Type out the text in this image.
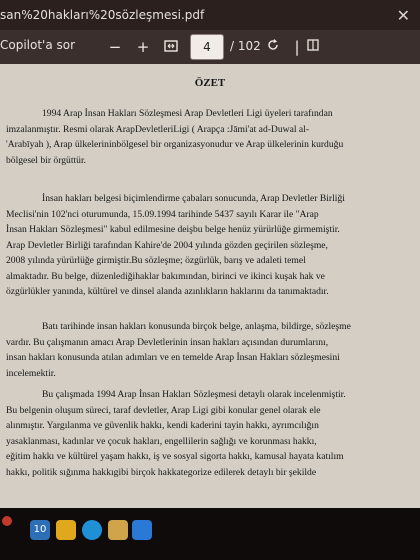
san%20hakları%20sözleşmesi.pdf	✕
Copilot'a sor	−	+	4	/ 102	|
ÖZET
1994 Arap İnsan Hakları Sözleşmesi Arap Devletleri Ligi üyeleri tarafından
imzalanmıştır. Resmi olarak ArapDevletleriLigi ( Arapça :Jāmi'at ad-Duwal al-
'Arabīyah ), Arap ülkelerininbölgesel bir organizasyonudur ve Arap ülkelerinin kurduğu
bölgesel bir örgüttür.
İnsan hakları belgesi biçimlendirme çabaları sonucunda, Arap Devletler Birliği
Meclisi'nin 102'nci oturumunda, 15.09.1994 tarihinde 5437 sayılı Karar ile "Arap
İnsan Hakları Sözleşmesi" kabul edilmesine deişbu belge henüz yürürlüğe girmemiştir.
Arap Devletler Birliği tarafından Kahire'de 2004 yılında gözden geçirilen sözleşme,
2008 yılında yürürlüğe girmiştir.Bu sözleşme; özgürlük, barış ve adaleti temel
almaktadır. Bu belge, düzenlediğihaklar bakımından, birinci ve ikinci kuşak hak ve
özgürlükler yanında, kültürel ve dinsel alanda azınlıkların haklarını da tanımaktadır.
Batı tarihinde insan hakları konusunda birçok belge, anlaşma, bildirge, sözleşme
vardır. Bu çalışmanın amacı Arap Devletlerinin insan hakları açısından durumlarını,
insan hakları konusunda atılan adımları ve en temelde Arap İnsan Hakları sözleşmesini
incelemektir.
Bu çalışmada 1994 Arap İnsan Hakları Sözleşmesi detaylı olarak incelenmiştir.
Bu belgenin oluşum süreci, taraf devletler, Arap Ligi gibi konular genel olarak ele
alınmıştır. Yargılanma ve güvenlik hakkı, kendi kaderini tayin hakkı, ayrımcılığın
yasaklanması, kadınlar ve çocuk hakları, engellilerin sağlığı ve korunması hakkı,
eğitim hakkı ve kültürel yaşam hakkı, iş ve sosyal sigorta hakkı, kamusal hayata katılım
hakkı, politik sığınma hakkıgibi birçok hakkategorize edilerek detaylı bir şekilde
10
